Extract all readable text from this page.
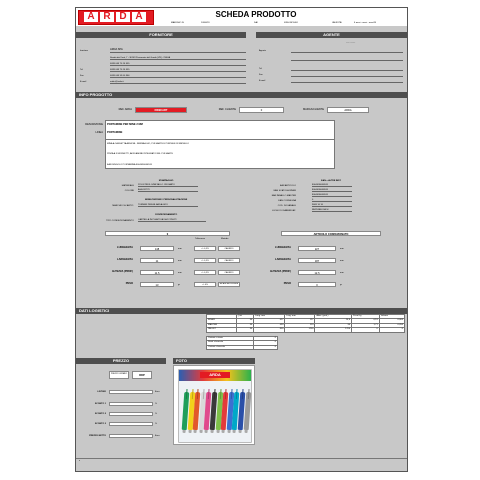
A R D A	SCHEDA PRODOTTO
MARCHIO N.	10/06/19	DAI	03/04 ROSSO	VALIDITA'	6 mesi - mesi - mesi26
FORNITORE	AGENTE
___ ____
fornitore	ARDA SPA
Strada dei Frati, 7 - 30149 Pavimonto del Garda (VR) - ITALIA
0039 045 70 16 555
Tel	0039 045 70 16 555
Fax	0039 045 53 00 366
E-mail	ordini@arda.it
Agente
Tel
Fax
E-mail
INFO PRODOTTO
REF. ARDA	6069CART	REF. CLIENTE	0	MARCA/CLIENTE	ARDA
DESCRIZIONE PORTAMINE PER MINE 2 MM
LINEA PORTAMINE
MINA A CASSETTA ABSSTA - FERMAGGIO, PULSANTE E PUNTALE IN METALLO
PINZA A 3 MORSETTI, AFFILAMINE INTEGRATO NEL PULSANTE
EAN SINGOLO PORTAMINA 8004436060169
STAMPAGGIO
MATERIALE POLISTIROLO/METALLO CROMATO
COLORE ASSORTITI
NOBILITAZIONE / PERSONALIZZAZIONE
MARCHIO SU ARTIC. TURNER PENZA: ARDA 6019
CONFEZIONAMENTO
TIPO CONFEZIONAMENTO CARTELLA IN PLASTICA DA 12 PEZZI
EAN + ALTRE INFZ
EAN ARTICOLO	8004436060169
EAN SCATOLA INNER	8004436060169
EAN IMBALLO MASTER	8004436060169
EAN CONSEGNA	0
COD. DOGANALE	9609 10 10
LUOGO DI FABBRICAZ.	REPUBBLICA SI
0
Tolleranza	Metodo
LUNGHEZZA
148	mm	+/- 0,5%	CALIBRO
LARGHEZZA
11	mm	+/- 0,5%	CALIBRO
ALTEZZA (PROF)
11,5	mm	+/- 0,5%	CALIBRO
PESO
13	gr	+/- 4%	BILANCIA DIGITALE
ARTICOLO CONFEZIONATO
LUNGHEZZA
227	mm
LARGHEZZA
187	mm
ALTEZZA (PROF)
12,5	mm
PESO
0	gr
DATI LOGISTICI
	Q.tà	Lung. mm	Larg. mm	Altez. (prof.)	Peso Kg	Volume
INNER	36	427	127	14,6	0,19	0,004
MASTER	36	499	229	90	1,71	0,054
PALLET	36	800	1200	1700	0	0
Cartoni x strato	0
Strati x bancale	0
Cartoni x bancale	0
PREZZO
PREZZO UNITARIO	DDP
LISTINO	Euro
SCONTO 1	%
SCONTO 2	%
SCONTO 3	%
PREZZO NETTO	Euro
FOTO
ARDA
*
